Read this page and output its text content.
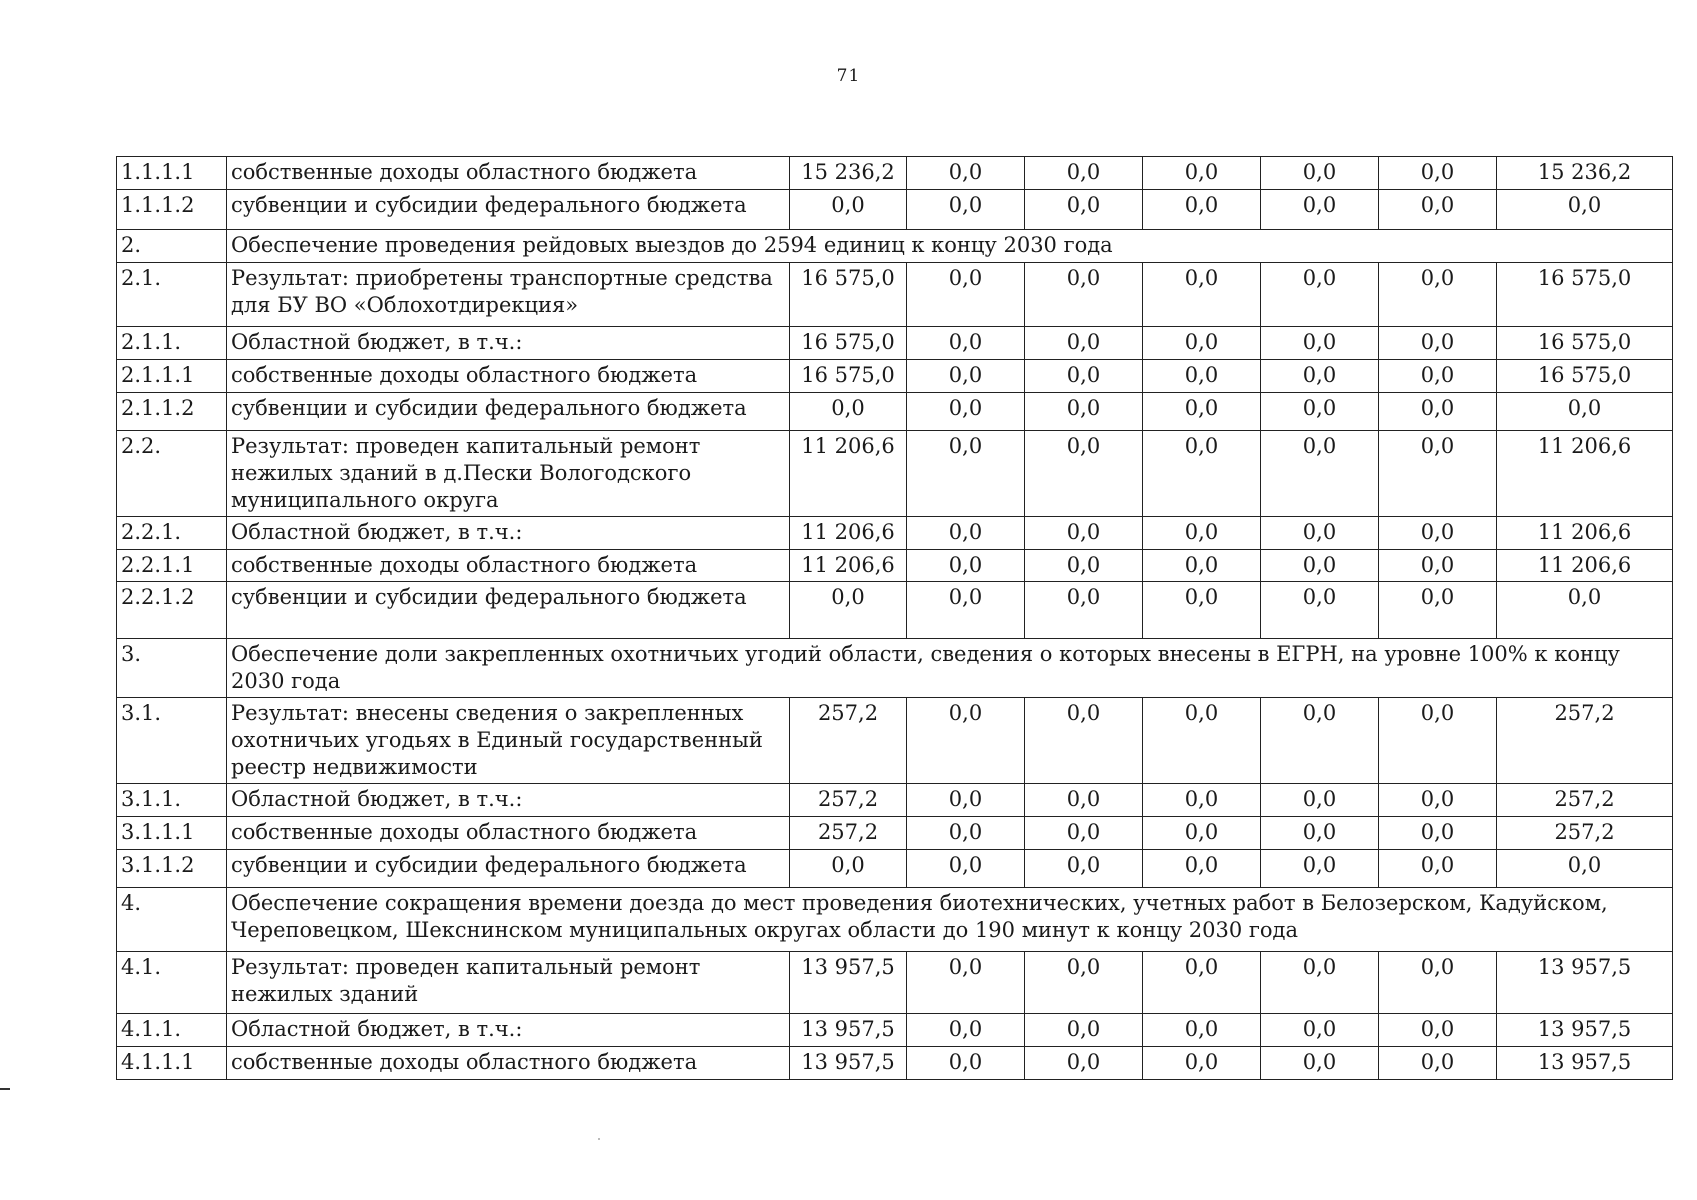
71
1.1.1.1	собственные доходы областного бюджета	15 236,2	0,0	0,0	0,0	0,0	0,0	15 236,2
1.1.1.2	субвенции и субсидии федерального бюджета	0,0	0,0	0,0	0,0	0,0	0,0	0,0
2.	Обеспечение проведения рейдовых выездов до 2594 единиц к концу 2030 года							
2.1.	Результат: приобретены транспортные средства для БУ ВО «Облохотдирекция»	16 575,0	0,0	0,0	0,0	0,0	0,0	16 575,0
2.1.1.	Областной бюджет, в т.ч.:	16 575,0	0,0	0,0	0,0	0,0	0,0	16 575,0
2.1.1.1	собственные доходы областного бюджета	16 575,0	0,0	0,0	0,0	0,0	0,0	16 575,0
2.1.1.2	субвенции и субсидии федерального бюджета	0,0	0,0	0,0	0,0	0,0	0,0	0,0
2.2.	Результат: проведен капитальный ремонт нежилых зданий в д.Пески Вологодского муниципального округа	11 206,6	0,0	0,0	0,0	0,0	0,0	11 206,6
2.2.1.	Областной бюджет, в т.ч.:	11 206,6	0,0	0,0	0,0	0,0	0,0	11 206,6
2.2.1.1	собственные доходы областного бюджета	11 206,6	0,0	0,0	0,0	0,0	0,0	11 206,6
2.2.1.2	субвенции и субсидии федерального бюджета	0,0	0,0	0,0	0,0	0,0	0,0	0,0
3.	Обеспечение доли закрепленных охотничьих угодий области, сведения о которых внесены в ЕГРН, на уровне 100% к концу 2030 года							
3.1.	Результат: внесены сведения о закрепленных охотничьих угодьях в Единый государственный реестр недвижимости	257,2	0,0	0,0	0,0	0,0	0,0	257,2
3.1.1.	Областной бюджет, в т.ч.:	257,2	0,0	0,0	0,0	0,0	0,0	257,2
3.1.1.1	собственные доходы областного бюджета	257,2	0,0	0,0	0,0	0,0	0,0	257,2
3.1.1.2	субвенции и субсидии федерального бюджета	0,0	0,0	0,0	0,0	0,0	0,0	0,0
4.	Обеспечение сокращения времени доезда до мест проведения биотехнических, учетных работ в Белозерском, Кадуйском, Череповецком, Шекснинском муниципальных округах области до 190 минут к концу 2030 года							
4.1.	Результат: проведен капитальный ремонт нежилых зданий	13 957,5	0,0	0,0	0,0	0,0	0,0	13 957,5
4.1.1.	Областной бюджет, в т.ч.:	13 957,5	0,0	0,0	0,0	0,0	0,0	13 957,5
4.1.1.1	собственные доходы областного бюджета	13 957,5	0,0	0,0	0,0	0,0	0,0	13 957,5
